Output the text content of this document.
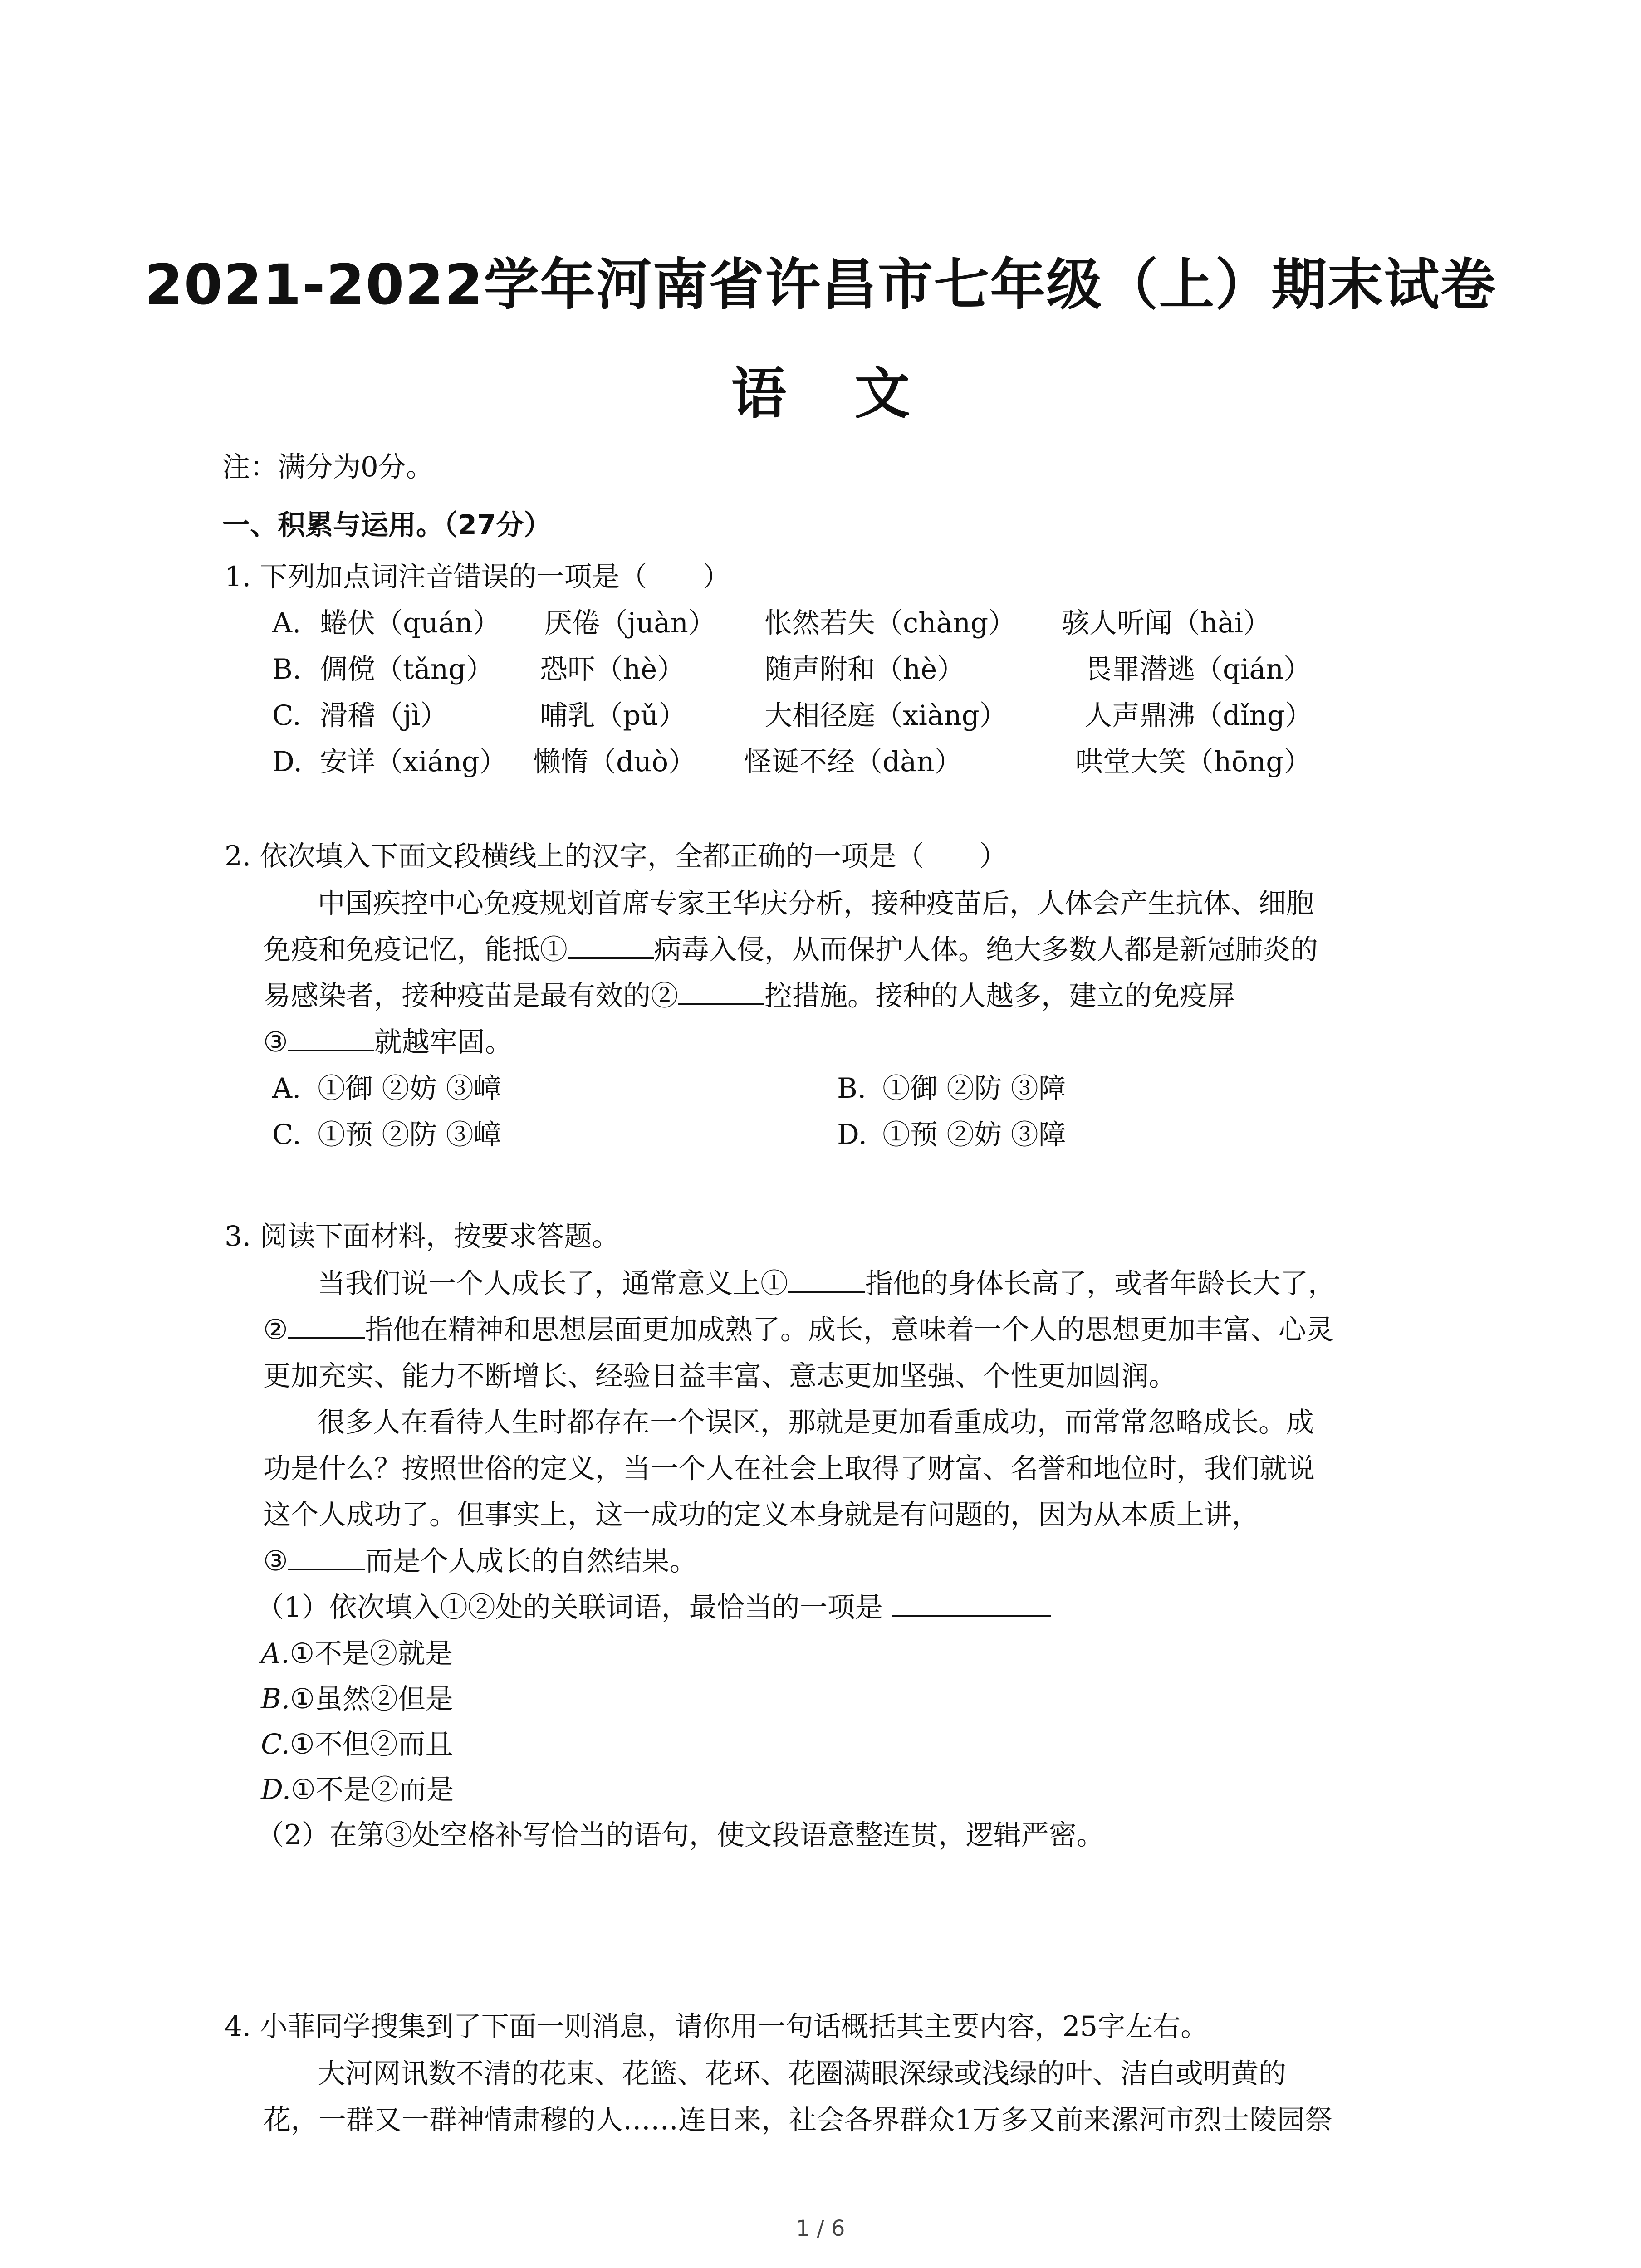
2021-2022学年河南省许昌市七年级（上）期末试卷
语文
注：满分为0分。
一、积累与运用。（27分）
1. 下列加点词注音错误的一项是（　　）
A. 蜷伏（quán） 厌倦（juàn） 怅然若失（chàng） 骇人听闻（hài）
B. 倜傥（tǎng） 恐吓（hè）	随声附和（hè）	畏罪潜逃（qián）
C. 滑稽（jì）	哺乳（pǔ）	大相径庭（xiàng）	人声鼎沸（dǐng）
D. 安详（xiáng） 懒惰（duò） 怪诞不经（dàn）	哄堂大笑（hōng）
2. 依次填入下面文段横线上的汉字，全都正确的一项是（　　）
中国疾控中心免疫规划首席专家王华庆分析，接种疫苗后，人体会产生抗体、细胞
免疫和免疫记忆，能抵①	病毒入侵，从而保护人体。绝大多数人都是新冠肺炎的
易感染者，接种疫苗是最有效的②	控措施。接种的人越多，建立的免疫屏
③	就越牢固。
A. ①御 ②妨 ③嶂	B. ①御 ②防 ③障
C. ①预 ②防 ③嶂	D. ①预 ②妨 ③障
3. 阅读下面材料，按要求答题。
当我们说一个人成长了，通常意义上①	指他的身体长高了，或者年龄长大了，
②	指他在精神和思想层面更加成熟了。成长，意味着一个人的思想更加丰富、心灵
更加充实、能力不断增长、经验日益丰富、意志更加坚强、个性更加圆润。
很多人在看待人生时都存在一个误区，那就是更加看重成功，而常常忽略成长。成
功是什么？按照世俗的定义，当一个人在社会上取得了财富、名誉和地位时，我们就说
这个人成功了。但事实上，这一成功的定义本身就是有问题的，因为从本质上讲，
③	而是个人成长的自然结果。
（1）依次填入①②处的关联词语，最恰当的一项是
A.①不是②就是
B.①虽然②但是
C.①不但②而且
D.①不是②而是
（2）在第③处空格补写恰当的语句，使文段语意整连贯，逻辑严密。
4. 小菲同学搜集到了下面一则消息，请你用一句话概括其主要内容，25字左右。
大河网讯数不清的花束、花篮、花环、花圈满眼深绿或浅绿的叶、洁白或明黄的
花，一群又一群神情肃穆的人……连日来，社会各界群众1万多又前来漯河市烈士陵园祭
1 / 6
